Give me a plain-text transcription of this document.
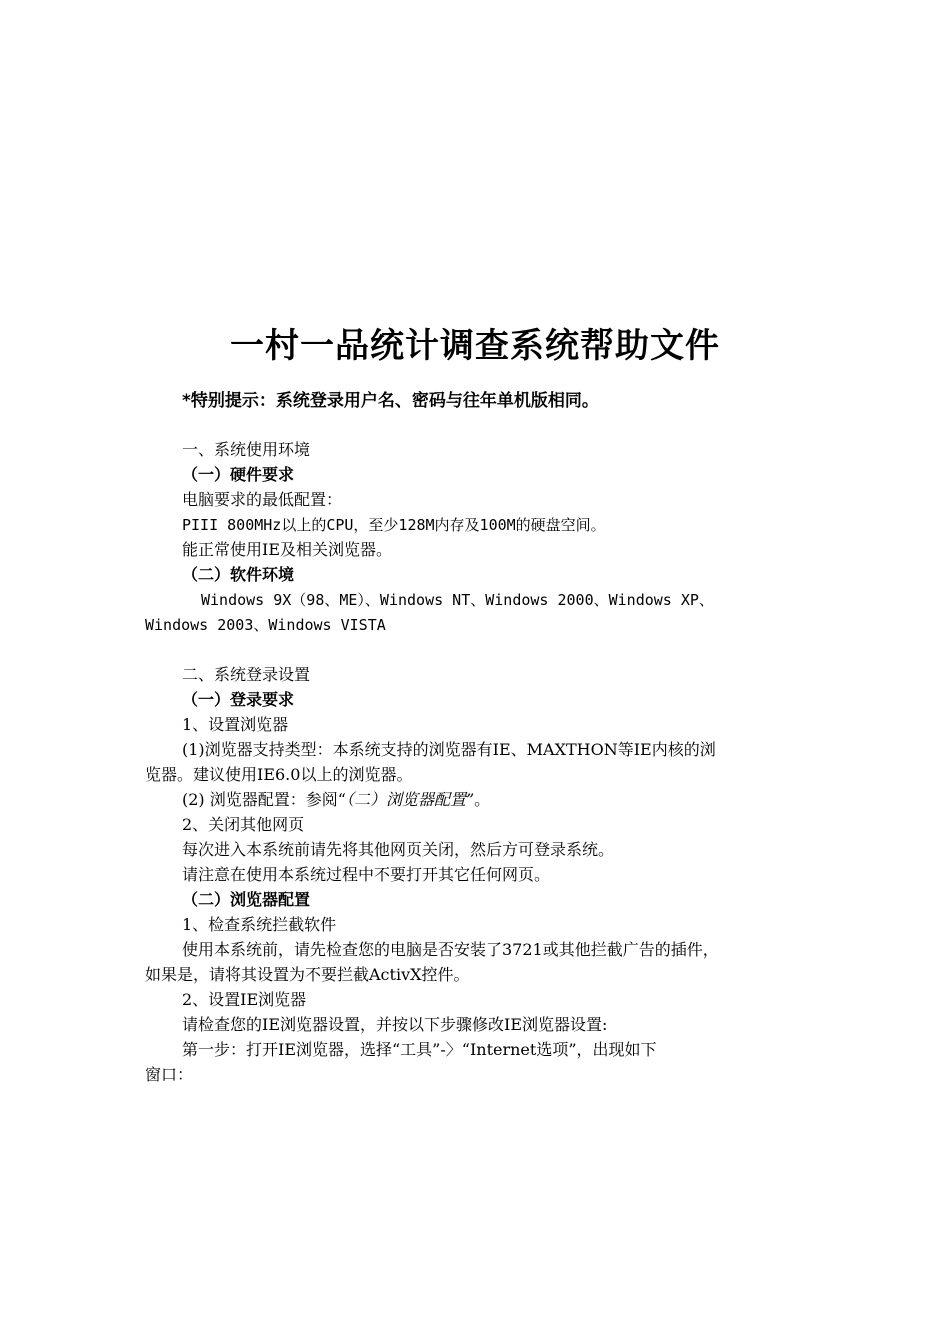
一村一品统计调查系统帮助文件
*特别提示：系统登录用户名、密码与往年单机版相同。
一、系统使用环境
（一）硬件要求
电脑要求的最低配置：
PIII 800MHz以上的CPU，至少128M内存及100M的硬盘空间。
能正常使用IE及相关浏览器。
（二）软件环境
Windows 9X（98、ME）、Windows NT、Windows 2000、Windows XP、
Windows 2003、Windows VISTA
二、系统登录设置
（一）登录要求
1、设置浏览器
(1)浏览器支持类型：本系统支持的浏览器有IE、MAXTHON等IE内核的浏
览器。建议使用IE6.0以上的浏览器。
(2) 浏览器配置：参阅“（二）浏览器配置”。
2、关闭其他网页
每次进入本系统前请先将其他网页关闭，然后方可登录系统。
请注意在使用本系统过程中不要打开其它任何网页。
（二）浏览器配置
1、检查系统拦截软件
使用本系统前，请先检查您的电脑是否安装了3721或其他拦截广告的插件，
如果是，请将其设置为不要拦截ActivX控件。
2、设置IE浏览器
请检查您的IE浏览器设置，并按以下步骤修改IE浏览器设置:
第一步：打开IE浏览器，选择“工具”-〉“Internet选项”，出现如下
窗口：
